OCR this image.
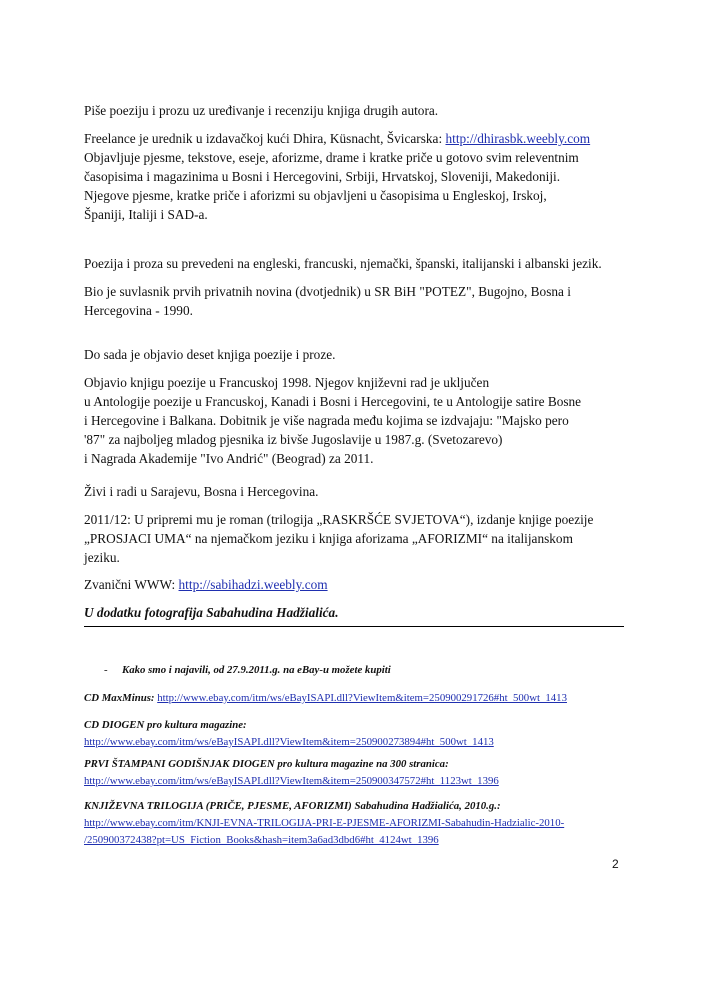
Piše poeziju i prozu uz uređivanje i recenziju knjiga drugih autora.
Freelance je urednik u izdavačkoj kući Dhira, Küsnacht, Švicarska: http://dhirasbk.weebly.com
Objavljuje pjesme, tekstove, eseje, aforizme, drame i kratke priče u gotovo svim releventnim
časopisima i magazinima u Bosni i Hercegovini, Srbiji, Hrvatskoj, Sloveniji, Makedoniji.
Njegove pjesme, kratke priče i aforizmi su objavljeni u časopisima u Engleskoj, Irskoj,
Španiji, Italiji i SAD-a.
Poezija i proza su prevedeni na engleski, francuski, njemački, španski, italijanski i albanski jezik.
Bio je suvlasnik prvih privatnih novina (dvotjednik) u SR BiH "POTEZ", Bugojno, Bosna i
Hercegovina - 1990.
Do sada je objavio deset knjiga poezije i proze.
Objavio knjigu poezije u Francuskoj 1998. Njegov književni rad je uključen
u Antologije poezije u Francuskoj, Kanadi i Bosni i Hercegovini, te u Antologije satire Bosne
i Hercegovine i Balkana. Dobitnik je više nagrada među kojima se izdvajaju: "Majsko pero
'87" za najboljeg mladog pjesnika iz bivše Jugoslavije u 1987.g. (Svetozarevo)
i Nagrada Akademije "Ivo Andrić" (Beograd) za 2011.
Živi i radi u Sarajevu, Bosna i Hercegovina.
2011/12: U pripremi mu je roman (trilogija „RASKRŠĆE SVJETOVA“), izdanje knjige poezije
„PROSJACI UMA“ na njemačkom jeziku i knjiga aforizama „AFORIZMI“ na italijanskom
jeziku.
Zvanični WWW: http://sabihadzi.weebly.com
U dodatku fotografija Sabahudina Hadžialića.
- Kako smo i najavili, od 27.9.2011.g. na eBay-u možete kupiti
CD MaxMinus: http://www.ebay.com/itm/ws/eBayISAPI.dll?ViewItem&item=250900291726#ht_500wt_1413
CD DIOGEN pro kultura magazine:
http://www.ebay.com/itm/ws/eBayISAPI.dll?ViewItem&item=250900273894#ht_500wt_1413
PRVI ŠTAMPANI GODIŠNJAK DIOGEN pro kultura magazine na 300 stranica:
http://www.ebay.com/itm/ws/eBayISAPI.dll?ViewItem&item=250900347572#ht_1123wt_1396
KNJIŽEVNA TRILOGIJA (PRIČE, PJESME, AFORIZMI) Sabahudina Hadžialića, 2010.g.:
http://www.ebay.com/itm/KNJI-EVNA-TRILOGIJA-PRI-E-PJESME-AFORIZMI-Sabahudin-Hadzialic-2010-
/250900372438?pt=US_Fiction_Books&hash=item3a6ad3dbd6#ht_4124wt_1396
2
